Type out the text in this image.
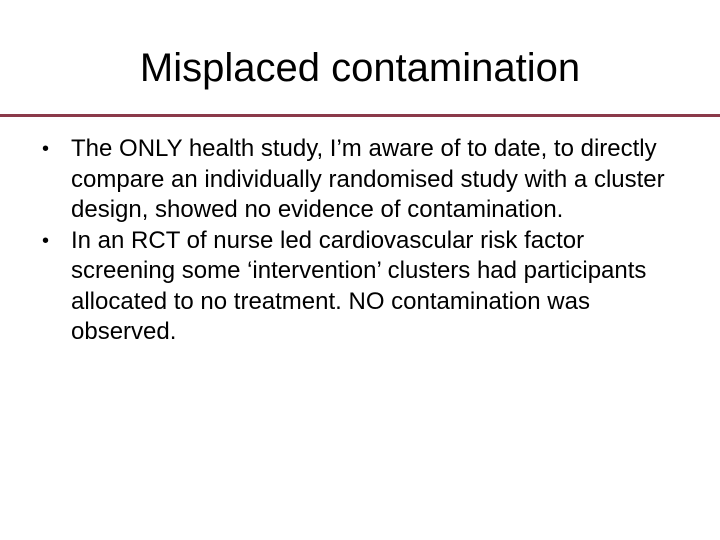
Misplaced contamination
• The ONLY health study, I’m aware of to date, to directly compare an individually randomised study with a cluster design, showed no evidence of contamination.
• In an RCT of nurse led cardiovascular risk factor screening some ‘intervention’ clusters had participants allocated to no treatment. NO contamination was observed.
